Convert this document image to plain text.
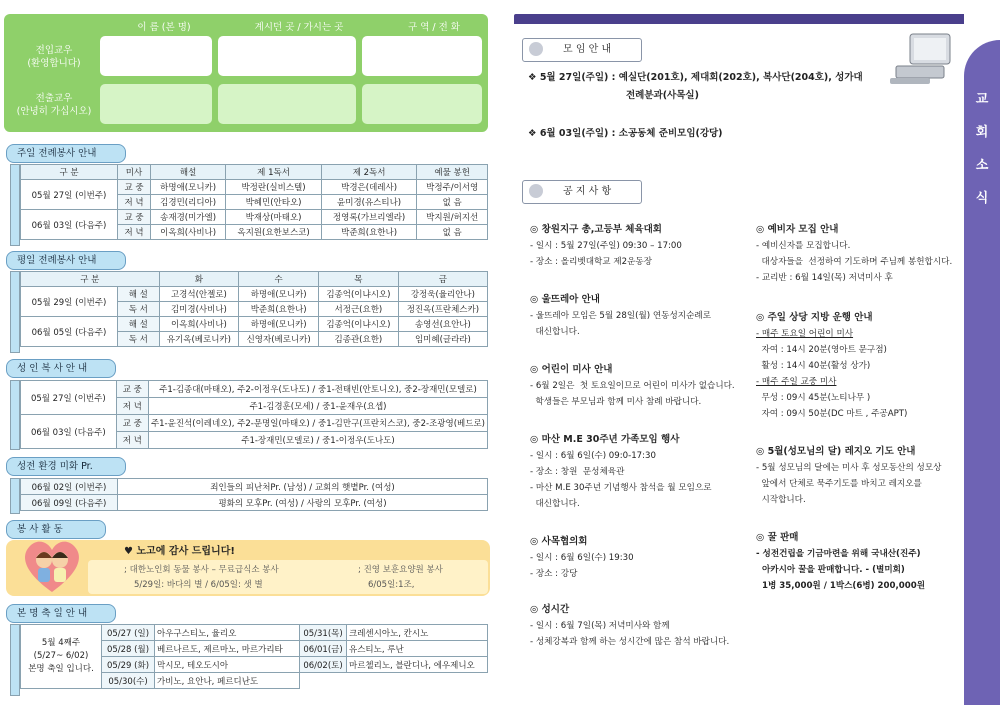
이 름 (본 명)	계시던 곳 / 가시는 곳	구 역 / 전 화
전입교우
(환영합니다)
전출교우
(안녕히 가십시오)
주일 전례봉사 안내
구 분	미사	해설	제 1독서	제 2독서	예물 봉헌
05월 27일 (이번주)	교 중	하명애(모니카)	박정란(실비스텔)	박경은(데레사)	박정주/이서영
	저 녁	김경민(리디아)	박혜민(안타오)	윤미경(유스티나)	없 음
06월 03일 (다음주)	교 중	송재경(미가엘)	박재상(마태오)	정영록(가브리엘라)	박지원/허지선
	저 녁	이옥희(사비나)	옥지원(요한보스코)	박준희(요한나)	없 음
평일 전례봉사 안내
구 분		화	수	목	금
05월 29일 (이번주)	해 설	고경석(안젤로)	하명애(모니카)	김종억(이냐시오)	강정욱(율리안나)
	독 서	김미경(사비나)	박준희(요한나)	서정근(요한)	정진옥(프란체스카)
06월 05일 (다음주)	해 설	이옥희(사비나)	하명애(모니카)	김종억(이냐시오)	송영선(요안나)
	독 서	유기옥(베로니카)	신영자(베로니카)	김종관(요한)	임미혜(글라라)
성 인 복 사 안 내
05월 27일 (이번주)	교 중	주1-김종대(마태오), 주2-이정우(도나도) / 중1-전태빈(안토니오), 중2-장재민(모델로)
	저 녁	주1-김경훈(모세) / 중1-윤재우(요셉)
06월 03일 (다음주)	교 중	주1-윤진석(이레네오), 주2-문명일(마태오) / 중1-김만구(프란치스코), 중2-조광영(베드로)
	저 녁	주1-장재민(모델로) / 중1-이정우(도나도)
성전 환경 미화 Pr.
06월 02일 (이번주)	죄인들의 피난처Pr. (남성) / 교회의 햇볕Pr. (여성)
06월 09일 (다음주)	평화의 모후Pr. (여성) / 사랑의 모후Pr. (여성)
봉 사 활 동
♥ 노고에 감사 드립니다!
; 대한노인회 동물 봉사 – 무료급식소 봉사
5/29일: 바다의 별 / 6/05일: 샛 별
; 진영 보훈요양원 봉사
6/05일:1조,
본 명 축 일 안 내
5월 4째주
(5/27~ 6/02)
본명 축일 입니다.	05/27 (일)	아우구스티노, 율리오	05/31(목)	크레센시아노, 칸시노
	05/28 (월)	베르나르도, 제르마노, 마르가리타	06/01(금)	유스티노, 루난
	05/29 (화)	막시모, 테오도시아	06/02(토)	마르첼리노, 블란디나, 에우제니오
	05/30(수)	가비노, 요안나, 페르디난도		
교
회
소
식
모 임 안 내
❖ 5월 27일(주일) : 예실단(201호), 제대회(202호), 복사단(204호), 성가대
전례분과(사목실)
❖ 6월 03일(주일) : 소공동체 준비모임(강당)
공 지 사 항
◎ 창원지구 총,고등부 체육대회
- 일시 : 5월 27일(주일) 09:30 – 17:00
- 장소 : 올리벳대학교 제2운동장
◎ 울뜨레아 안내
- 울뜨레아 모임은 5월 28일(월) 연동성지순례로
대신합니다.
◎ 어린이 미사 안내
- 6월 2일은  첫 토요일이므로 어린이 미사가 없습니다.
학생들은 부모님과 함께 미사 참례 바랍니다.
◎ 마산 M.E 30주년 가족모임 행사
- 일시 : 6월 6일(수) 09:0-17:30
- 장소 : 창원  문성체육관
- 마산 M.E 30주년 기념행사 참석을 월 모임으로
대신합니다.
◎ 사목협의회
- 일시 : 6월 6일(수) 19:30
- 장소 : 강당
◎ 성시간
- 일시 : 6월 7일(목) 저녁미사와 함께
- 성체강복과 함께 하는 성시간에 많은 참석 바랍니다.
◎ 예비자 모집 안내
- 예비신자를 모집합니다.
대상자들을  선정하여 기도하며 주님께 봉헌합시다.
- 교리반 : 6월 14일(목) 저녁미사 후
◎ 주일 상당 지방 운행 안내
- 매주 토요일 어린이 미사
자여 : 14시 20분(영아트 문구점)
활성 : 14시 40분(활성 상가)
- 매주 주일 교중 미사
무성 : 09시 45분(노티나무 )
자여 : 09시 50분(DC 마트 , 주공APT)
◎ 5월(성모님의 달) 레지오 기도 안내
- 5월 성모님의 달에는 미사 후 성모동산의 성모상
앞에서 단체로 묵주기도를 바치고 레지오를
시작합니다.
◎ 꿀 판매
- 성전건립을 기금마련을 위해 국내산(진주)
아카시아 꿀을 판매합니다. - (별미회)
1병 35,000원 / 1박스(6병) 200,000원
